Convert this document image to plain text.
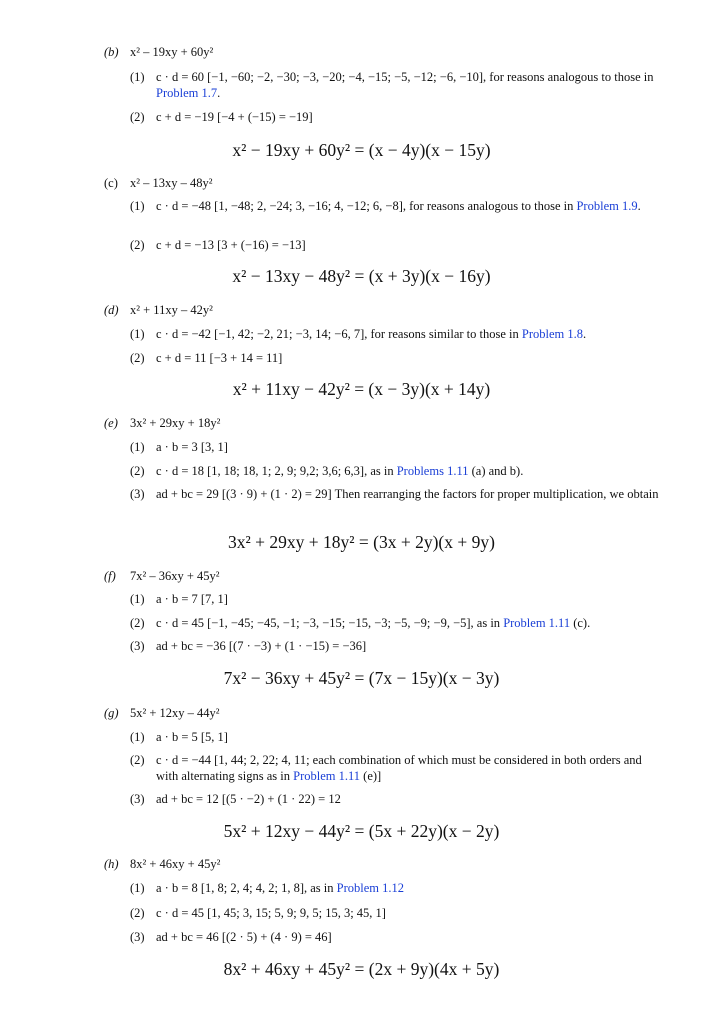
(b) x² – 19xy + 60y²
(1) c · d = 60 [−1, −60; −2, −30; −3, −20; −4, −15; −5, −12; −6, −10], for reasons analogous to those in Problem 1.7.
(2) c + d = −19 [−4 + (−15) = −19]
x² − 19xy + 60y² = (x − 4y)(x − 15y)
(c) x² – 13xy – 48y²
(1) c · d = −48 [1, −48; 2, −24; 3, −16; 4, −12; 6, −8], for reasons analogous to those in Problem 1.9.
(2) c + d = −13 [3 + (−16) = −13]
x² − 13xy − 48y² = (x + 3y)(x − 16y)
(d) x² + 11xy – 42y²
(1) c · d = −42 [−1, 42; −2, 21; −3, 14; −6, 7], for reasons similar to those in Problem 1.8.
(2) c + d = 11 [−3 + 14 = 11]
x² + 11xy − 42y² = (x − 3y)(x + 14y)
(e) 3x² + 29xy + 18y²
(1) a · b = 3 [3, 1]
(2) c · d = 18 [1, 18; 18, 1; 2, 9; 9,2; 3,6; 6,3], as in Problems 1.11 (a) and b).
(3) ad + bc = 29 [(3 · 9) + (1 · 2) = 29] Then rearranging the factors for proper multiplication, we obtain
3x² + 29xy + 18y² = (3x + 2y)(x + 9y)
(f) 7x² – 36xy + 45y²
(1) a · b = 7 [7, 1]
(2) c · d = 45 [−1, −45; −45, −1; −3, −15; −15, −3; −5, −9; −9, −5], as in Problem 1.11 (c).
(3) ad + bc = −36 [(7 · −3) + (1 · −15) = −36]
7x² − 36xy + 45y² = (7x − 15y)(x − 3y)
(g) 5x² + 12xy – 44y²
(1) a · b = 5 [5, 1]
(2) c · d = −44 [1, 44; 2, 22; 4, 11; each combination of which must be considered in both orders and with alternating signs as in Problem 1.11 (e)]
(3) ad + bc = 12 [(5 · −2) + (1 · 22) = 12
5x² + 12xy − 44y² = (5x + 22y)(x − 2y)
(h) 8x² + 46xy + 45y²
(1) a · b = 8 [1, 8; 2, 4; 4, 2; 1, 8], as in Problem 1.12
(2) c · d = 45 [1, 45; 3, 15; 5, 9; 9, 5; 15, 3; 45, 1]
(3) ad + bc = 46 [(2 · 5) + (4 · 9) = 46]
8x² + 46xy + 45y² = (2x + 9y)(4x + 5y)
